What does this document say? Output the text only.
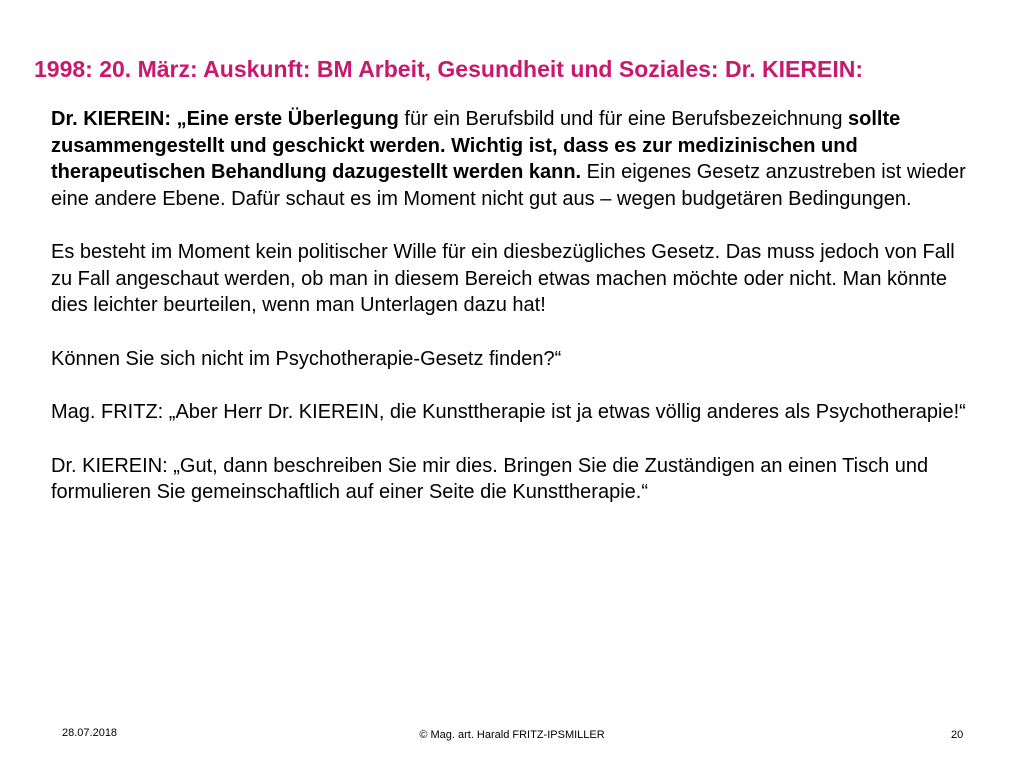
1998: 20. März: Auskunft: BM Arbeit, Gesundheit und Soziales: Dr. KIEREIN:

Dr. KIEREIN: „Eine erste Überlegung für ein Berufsbild und für eine Berufsbezeichnung sollte zusammengestellt und geschickt werden. Wichtig ist, dass es zur medizinischen und therapeutischen Behandlung dazugestellt werden kann. Ein eigenes Gesetz anzustreben ist wieder eine andere Ebene. Dafür schaut es im Moment nicht gut aus – wegen budgetären Bedingungen.

Es besteht im Moment kein politischer Wille für ein diesbezügliches Gesetz. Das muss jedoch von Fall zu Fall angeschaut werden, ob man in diesem Bereich etwas machen möchte oder nicht. Man könnte dies leichter beurteilen, wenn man Unterlagen dazu hat!

Können Sie sich nicht im Psychotherapie-Gesetz finden?“

Mag. FRITZ: „Aber Herr Dr. KIEREIN, die Kunsttherapie ist ja etwas völlig anderes als Psychotherapie!“

Dr. KIEREIN: „Gut, dann beschreiben Sie mir dies. Bringen Sie die Zuständigen an einen Tisch und formulieren Sie gemeinschaftlich auf einer Seite die Kunsttherapie.“

28.07.2018	© Mag. art. Harald FRITZ-IPSMILLER	20
